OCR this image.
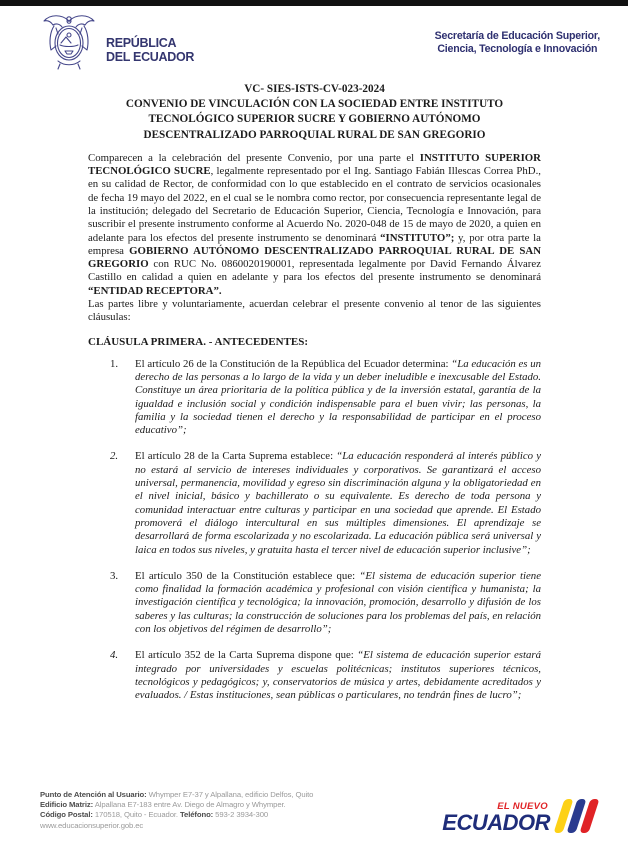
REPÚBLICA
DEL ECUADOR
Secretaría de Educación Superior,
Ciencia, Tecnología e Innovación
VC- SIES-ISTS-CV-023-2024
CONVENIO DE VINCULACIÓN CON LA SOCIEDAD ENTRE INSTITUTO
TECNOLÓGICO SUPERIOR SUCRE Y GOBIERNO AUTÓNOMO
DESCENTRALIZADO PARROQUIAL RURAL DE SAN GREGORIO
Comparecen a la celebración del presente Convenio, por una parte el INSTITUTO SUPERIOR TECNOLÓGICO SUCRE, legalmente representado por el Ing. Santiago Fabián Illescas Correa PhD., en su calidad de Rector, de conformidad con lo que establecido en el contrato de servicios ocasionales de fecha 19 mayo del 2022, en el cual se le nombra como rector, por consecuencia representante legal de la institución; delegado del Secretario de Educación Superior, Ciencia, Tecnología e Innovación, para suscribir el presente instrumento conforme al Acuerdo No. 2020-048 de 15 de mayo de 2020, a quien en adelante para los efectos del presente instrumento se denominará “INSTITUTO”; y, por otra parte la empresa GOBIERNO AUTÓNOMO DESCENTRALIZADO PARROQUIAL RURAL DE SAN GREGORIO con RUC No. 0860020190001, representada legalmente por David Fernando Álvarez Castillo en calidad a quien en adelante y para los efectos del presente instrumento se denominará “ENTIDAD RECEPTORA”.
Las partes libre y voluntariamente, acuerdan celebrar el presente convenio al tenor de las siguientes cláusulas:
CLÁUSULA PRIMERA. - ANTECEDENTES:
1.	El artículo 26 de la Constitución de la República del Ecuador determina: “La educación es un derecho de las personas a lo largo de la vida y un deber ineludible e inexcusable del Estado. Constituye un área prioritaria de la política pública y de la inversión estatal, garantía de la igualdad e inclusión social y condición indispensable para el buen vivir; las personas, la familia y la sociedad tienen el derecho y la responsabilidad de participar en el proceso educativo”;
2.	El artículo 28 de la Carta Suprema establece: “La educación responderá al interés público y no estará al servicio de intereses individuales y corporativos. Se garantizará el acceso universal, permanencia, movilidad y egreso sin discriminación alguna y la obligatoriedad en el nivel inicial, básico y bachillerato o su equivalente. Es derecho de toda persona y comunidad interactuar entre culturas y participar en una sociedad que aprende. El Estado promoverá el diálogo intercultural en sus múltiples dimensiones. El aprendizaje se desarrollará de forma escolarizada y no escolarizada. La educación pública será universal y laica en todos sus niveles, y gratuita hasta el tercer nivel de educación superior inclusive”;
3.	El artículo 350 de la Constitución establece que: “El sistema de educación superior tiene como finalidad la formación académica y profesional con visión científica y humanista; la investigación científica y tecnológica; la innovación, promoción, desarrollo y difusión de los saberes y las culturas; la construcción de soluciones para los problemas del país, en relación con los objetivos del régimen de desarrollo”;
4.	El artículo 352 de la Carta Suprema dispone que: “El sistema de educación superior estará integrado por universidades y escuelas politécnicas; institutos superiores técnicos, tecnológicos y pedagógicos; y, conservatorios de música y artes, debidamente acreditados y evaluados. / Estas instituciones, sean públicas o particulares, no tendrán fines de lucro”;
Punto de Atención al Usuario: Whymper E7-37 y Alpallana, edificio Delfos, Quito
Edificio Matriz: Alpallana E7-183 entre Av. Diego de Almagro y Whymper.
Código Postal: 170518, Quito - Ecuador. Teléfono: 593-2 3934-300
www.educacionsuperior.gob.ec
EL NUEVO
ECUADOR
